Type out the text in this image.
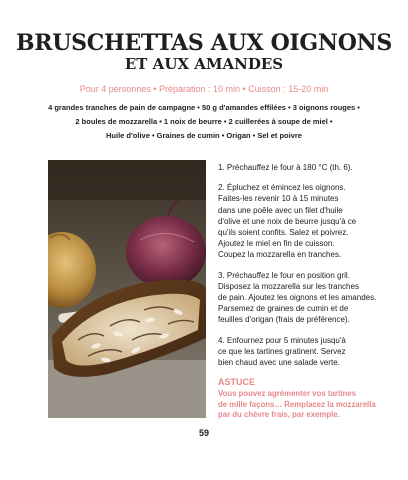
BRUSCHETTAS AUX OIGNONS
ET AUX AMANDES
Pour 4 personnes • Préparation : 10 min • Cuisson : 15-20 min
4 grandes tranches de pain de campagne • 50 g d'amandes effilées • 3 oignons rouges •
2 boules de mozzarella • 1 noix de beurre • 2 cuillerées à soupe de miel •
Huile d'olive • Graines de cumin • Origan • Sel et poivre
1. Préchauffez le four à 180 °C (th. 6).
2. Épluchez et émincez les oignons.
Faites-les revenir 10 à 15 minutes
dans une poêle avec un filet d'huile
d'olive et une noix de beurre jusqu'à ce
qu'ils soient confits. Salez et poivrez.
Ajoutez le miel en fin de cuisson.
Coupez la mozzarella en tranches.
3. Préchauffez le four en position gril.
Disposez la mozzarella sur les tranches
de pain. Ajoutez les oignons et les amandes.
Parsemez de graines de cumin et de
feuilles d'origan (frais de préférence).
4. Enfournez pour 5 minutes jusqu'à
ce que les tartines gratinent. Servez
bien chaud avec une salade verte.
ASTUCE
Vous pouvez agrémenter vos tartines
de mille façons… Remplacez la mozzarella
par du chèvre frais, par exemple.
59
